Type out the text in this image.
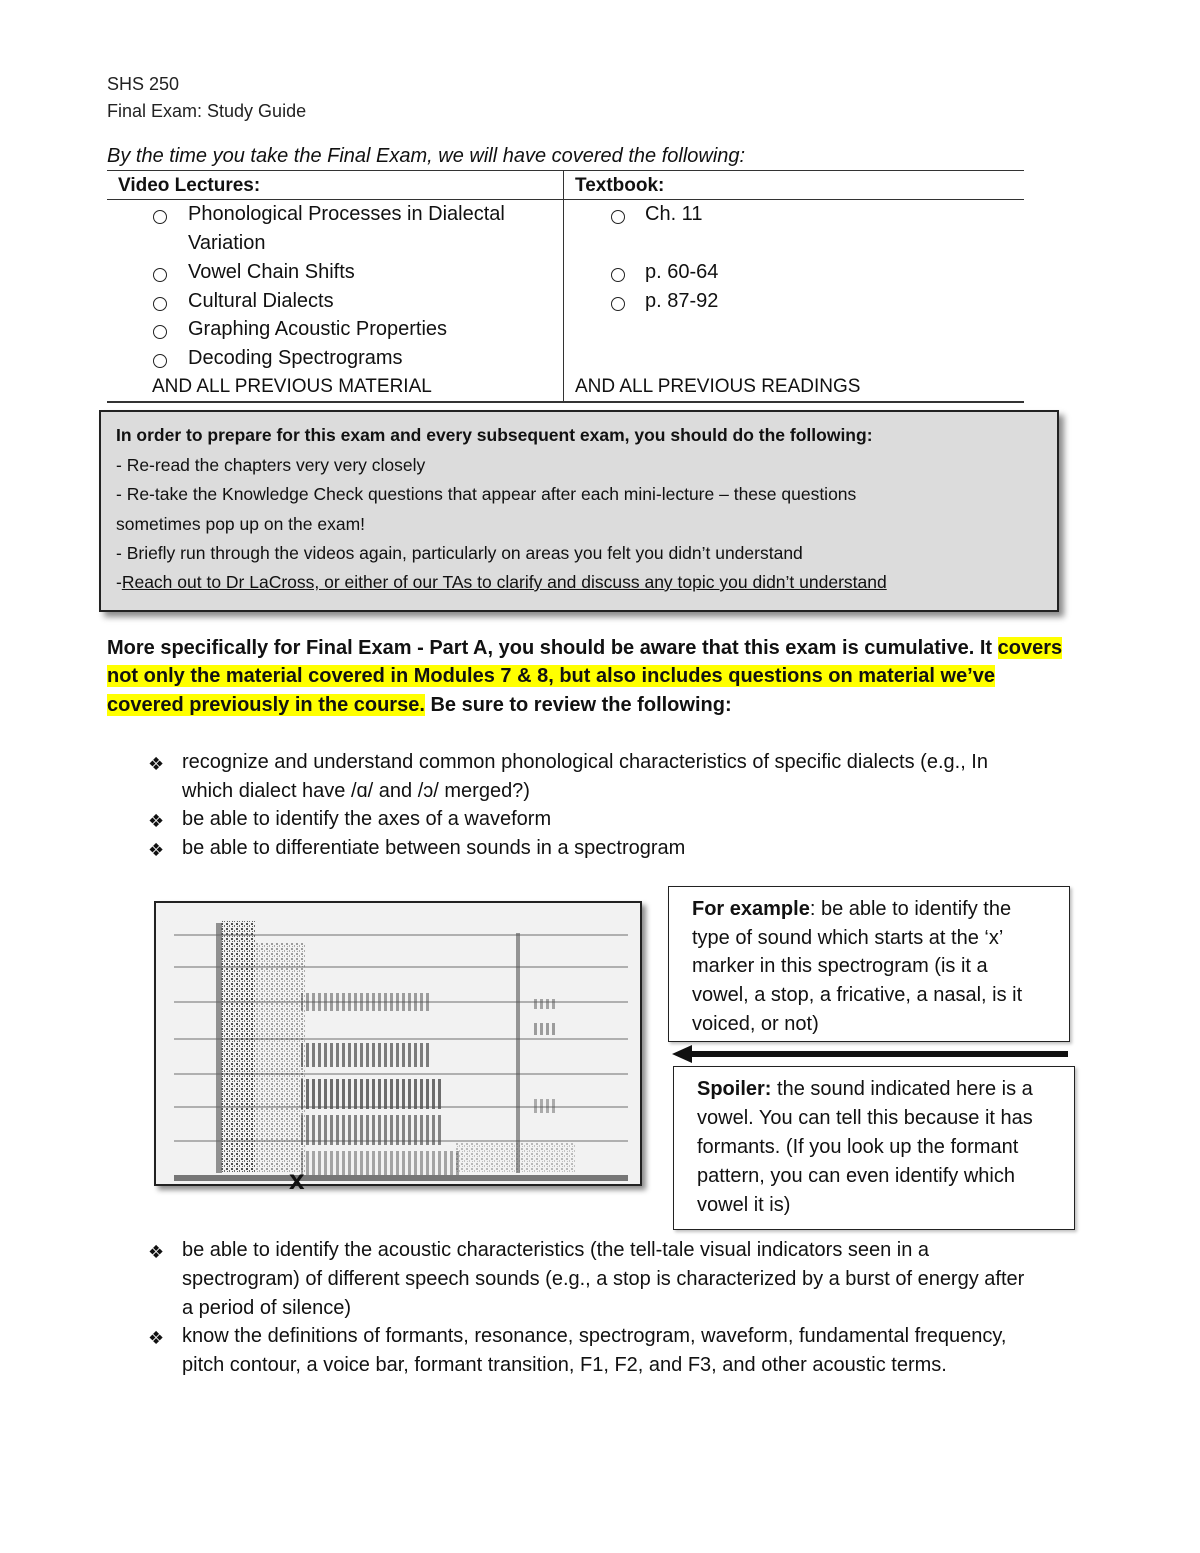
SHS 250
Final Exam: Study Guide
By the time you take the Final Exam, we will have covered the following:
Video Lectures:	Textbook:
Phonological Processes in Dialectal
Variation
Vowel Chain Shifts
Cultural Dialects
Graphing Acoustic Properties
Decoding Spectrograms
AND ALL PREVIOUS MATERIAL
Ch. 11
p. 60-64
p. 87-92
AND ALL PREVIOUS READINGS
In order to prepare for this exam and every subsequent exam, you should do the following:
- Re-read the chapters very very closely
- Re-take the Knowledge Check questions that appear after each mini-lecture – these questions
sometimes pop up on the exam!
- Briefly run through the videos again, particularly on areas you felt you didn’t understand
-Reach out to Dr LaCross, or either of our TAs to clarify and discuss any topic you didn’t understand
More specifically for Final Exam - Part A, you should be aware that this exam is cumulative. It covers
not only the material covered in Modules 7 & 8, but also includes questions on material we’ve
covered previously in the course. Be sure to review the following:
❖ recognize and understand common phonological characteristics of specific dialects (e.g., In
which dialect have /ɑ/ and /ɔ/ merged?)
❖ be able to identify the axes of a waveform
❖ be able to differentiate between sounds in a spectrogram
x
For example: be able to identify the
type of sound which starts at the ‘x’
marker in this spectrogram (is it a
vowel, a stop, a fricative, a nasal, is it
voiced, or not)
Spoiler: the sound indicated here is a
vowel. You can tell this because it has
formants. (If you look up the formant
pattern, you can even identify which
vowel it is)
❖ be able to identify the acoustic characteristics (the tell-tale visual indicators seen in a
spectrogram) of different speech sounds (e.g., a stop is characterized by a burst of energy after
a period of silence)
❖ know the definitions of formants, resonance, spectrogram, waveform, fundamental frequency,
pitch contour, a voice bar, formant transition, F1, F2, and F3, and other acoustic terms.
